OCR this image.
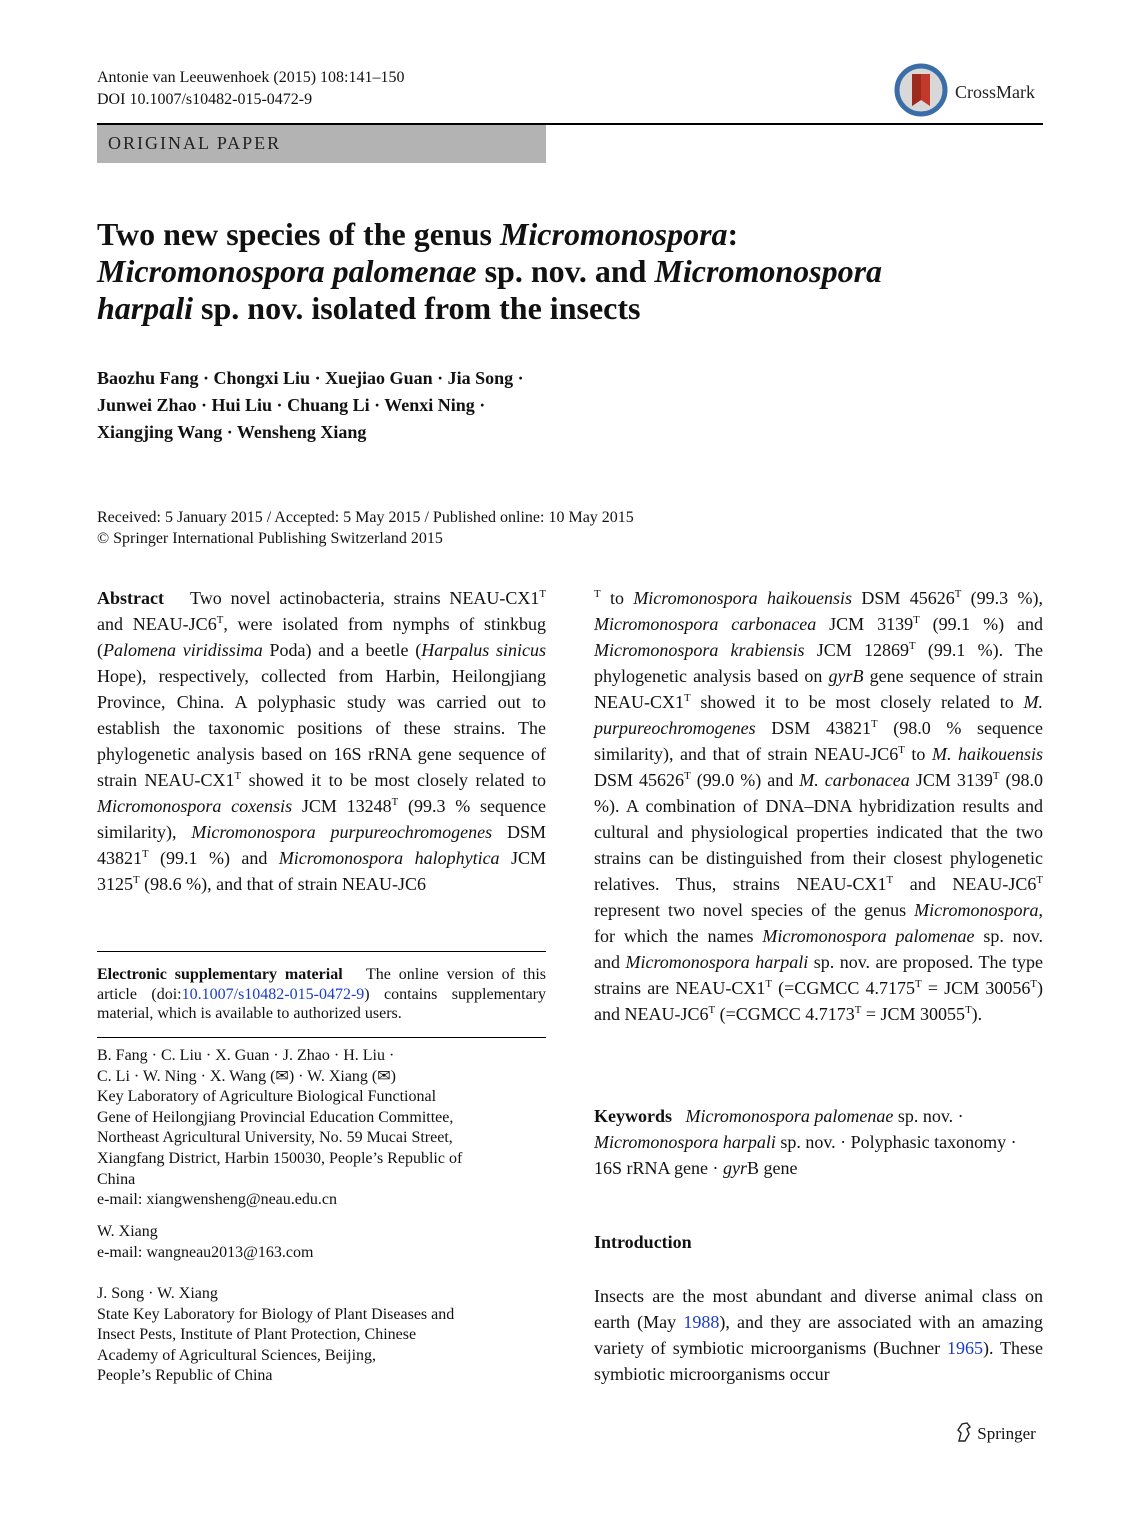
Antonie van Leeuwenhoek (2015) 108:141–150
DOI 10.1007/s10482-015-0472-9	CrossMark
ORIGINAL PAPER
Two new species of the genus Micromonospora:
Micromonospora palomenae sp. nov. and Micromonospora
harpali sp. nov. isolated from the insects
Baozhu Fang · Chongxi Liu · Xuejiao Guan · Jia Song ·
Junwei Zhao · Hui Liu · Chuang Li · Wenxi Ning ·
Xiangjing Wang · Wensheng Xiang
Received: 5 January 2015 / Accepted: 5 May 2015 / Published online: 10 May 2015
© Springer International Publishing Switzerland 2015

Abstract Two novel actinobacteria, strains NEAU-$CX1^T$ and NEAU-$JC6^T$, were isolated from nymphs of stinkbug (Palomena viridissima Poda) and a beetle (Harpalus sinicus Hope), respectively, collected from Harbin, Heilongjiang Province, China. A polyphasic study was carried out to establish the taxonomic positions of these strains. The phylogenetic analysis based on 16S rRNA gene sequence of strain NEAU-$CX1^T$ showed it to be most closely related to Micromonospora coxensis JCM $13248^T$ (99.3 % sequence similarity), Micromonospora purpureochromogenes DSM $43821^T$ (99.1 %) and Micromonospora halophytica JCM $3125^T$ (98.6 %), and that of strain NEAU-JC6

$^T$ to Micromonospora haikouensis DSM $45626^T$ (99.3 %), Micromonospora carbonacea JCM $3139^T$ (99.1 %) and Micromonospora krabiensis JCM $12869^T$ (99.1 %). The phylogenetic analysis based on gyrB gene sequence of strain NEAU-$CX1^T$ showed it to be most closely related to M. purpureochromogenes DSM $43821^T$ (98.0 % sequence similarity), and that of strain NEAU-$JC6^T$ to M. haikouensis DSM $45626^T$ (99.0 %) and M. carbonacea JCM $3139^T$ (98.0 %). A combination of DNA–DNA hybridization results and cultural and physiological properties indicated that the two strains can be distinguished from their closest phylogenetic relatives. Thus, strains NEAU-$CX1^T$ and NEAU-$JC6^T$ represent two novel species of the genus Micromonospora, for which the names Micromonospora palomenae sp. nov. and Micromonospora harpali sp. nov. are proposed. The type strains are NEAU-$CX1^T$ (=CGMCC $4.7175^T$ = JCM $30056^T$) and NEAU-$JC6^T$ (=CGMCC $4.7173^T$ = JCM $30055^T$).

Electronic supplementary material The online version of this article (doi:10.1007/s10482-015-0472-9) contains supplementary material, which is available to authorized users.
B. Fang · C. Liu · X. Guan · J. Zhao · H. Liu ·
C. Li · W. Ning · X. Wang (✉) · W. Xiang (✉)
Key Laboratory of Agriculture Biological Functional
Gene of Heilongjiang Provincial Education Committee,
Northeast Agricultural University, No. 59 Mucai Street,
Xiangfang District, Harbin 150030, People’s Republic of
China
e-mail: xiangwensheng@neau.edu.cn
W. Xiang
e-mail: wangneau2013@163.com
J. Song · W. Xiang
State Key Laboratory for Biology of Plant Diseases and
Insect Pests, Institute of Plant Protection, Chinese
Academy of Agricultural Sciences, Beijing,
People’s Republic of China
Keywords Micromonospora palomenae sp. nov. · Micromonospora harpali sp. nov. · Polyphasic taxonomy · 16S rRNA gene · gyrB gene
Introduction

Insects are the most abundant and diverse animal class on earth (May 1988), and they are associated with an amazing variety of symbiotic microorganisms (Buchner 1965). These symbiotic microorganisms occur

Springer
